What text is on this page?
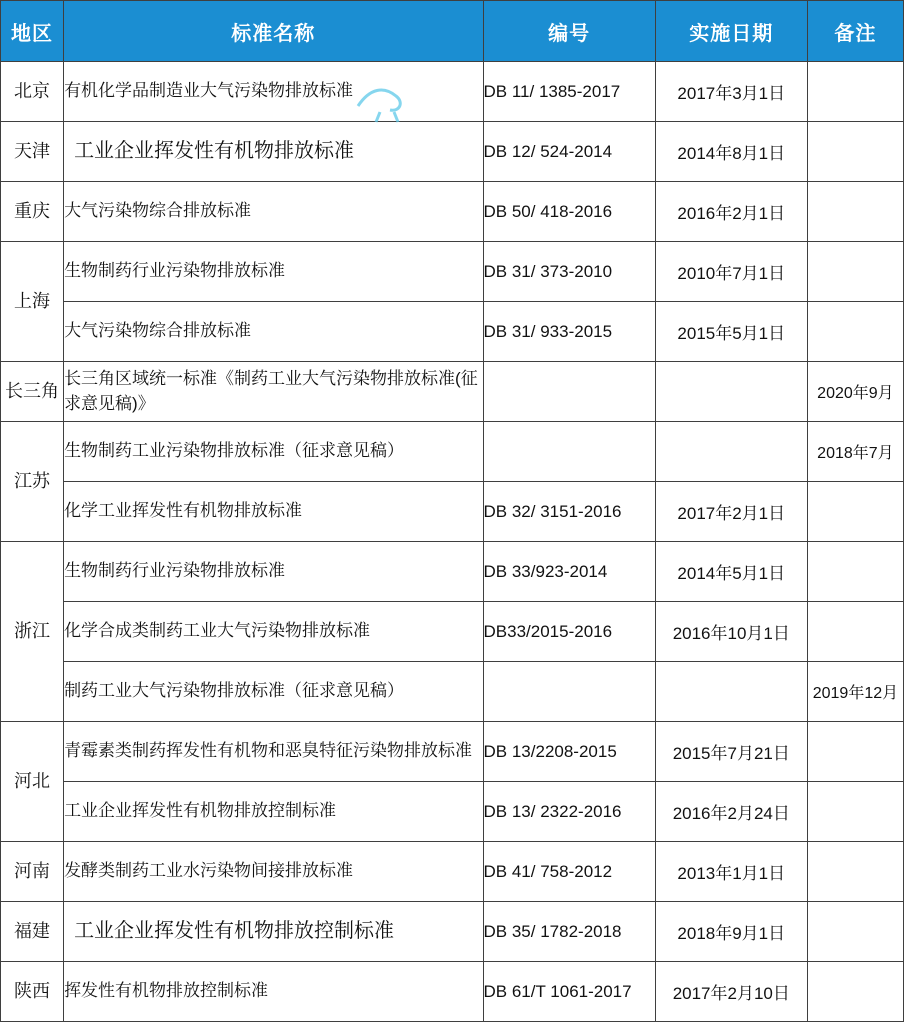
地区	标准名称	编号	实施日期	备注
北京	有机化学品制造业大气污染物排放标准	DB 11/ 1385-2017	2017年3月1日	
天津	工业企业挥发性有机物排放标准	DB 12/ 524-2014	2014年8月1日	
重庆	大气污染物综合排放标准	DB 50/ 418-2016	2016年2月1日	
上海	生物制药行业污染物排放标准	DB 31/ 373-2010	2010年7月1日	
	大气污染物综合排放标准	DB 31/ 933-2015	2015年5月1日	
长三角	长三角区域统一标准《制药工业大气污染物排放标准(征求意见稿)》			2020年9月
江苏	生物制药工业污染物排放标准（征求意见稿）			2018年7月
	化学工业挥发性有机物排放标准	DB 32/ 3151-2016	2017年2月1日	
浙江	生物制药行业污染物排放标准	DB 33/923-2014	2014年5月1日	
	化学合成类制药工业大气污染物排放标准	DB33/2015-2016	2016年10月1日	
	制药工业大气污染物排放标准（征求意见稿）			2019年12月
河北	青霉素类制药挥发性有机物和恶臭特征污染物排放标准	DB 13/2208-2015	2015年7月21日	
	工业企业挥发性有机物排放控制标准	DB 13/ 2322-2016	2016年2月24日	
河南	发酵类制药工业水污染物间接排放标准	DB 41/ 758-2012	2013年1月1日	
福建	工业企业挥发性有机物排放控制标准	DB 35/ 1782-2018	2018年9月1日	
陕西	挥发性有机物排放控制标准	DB 61/T 1061-2017	2017年2月10日	
